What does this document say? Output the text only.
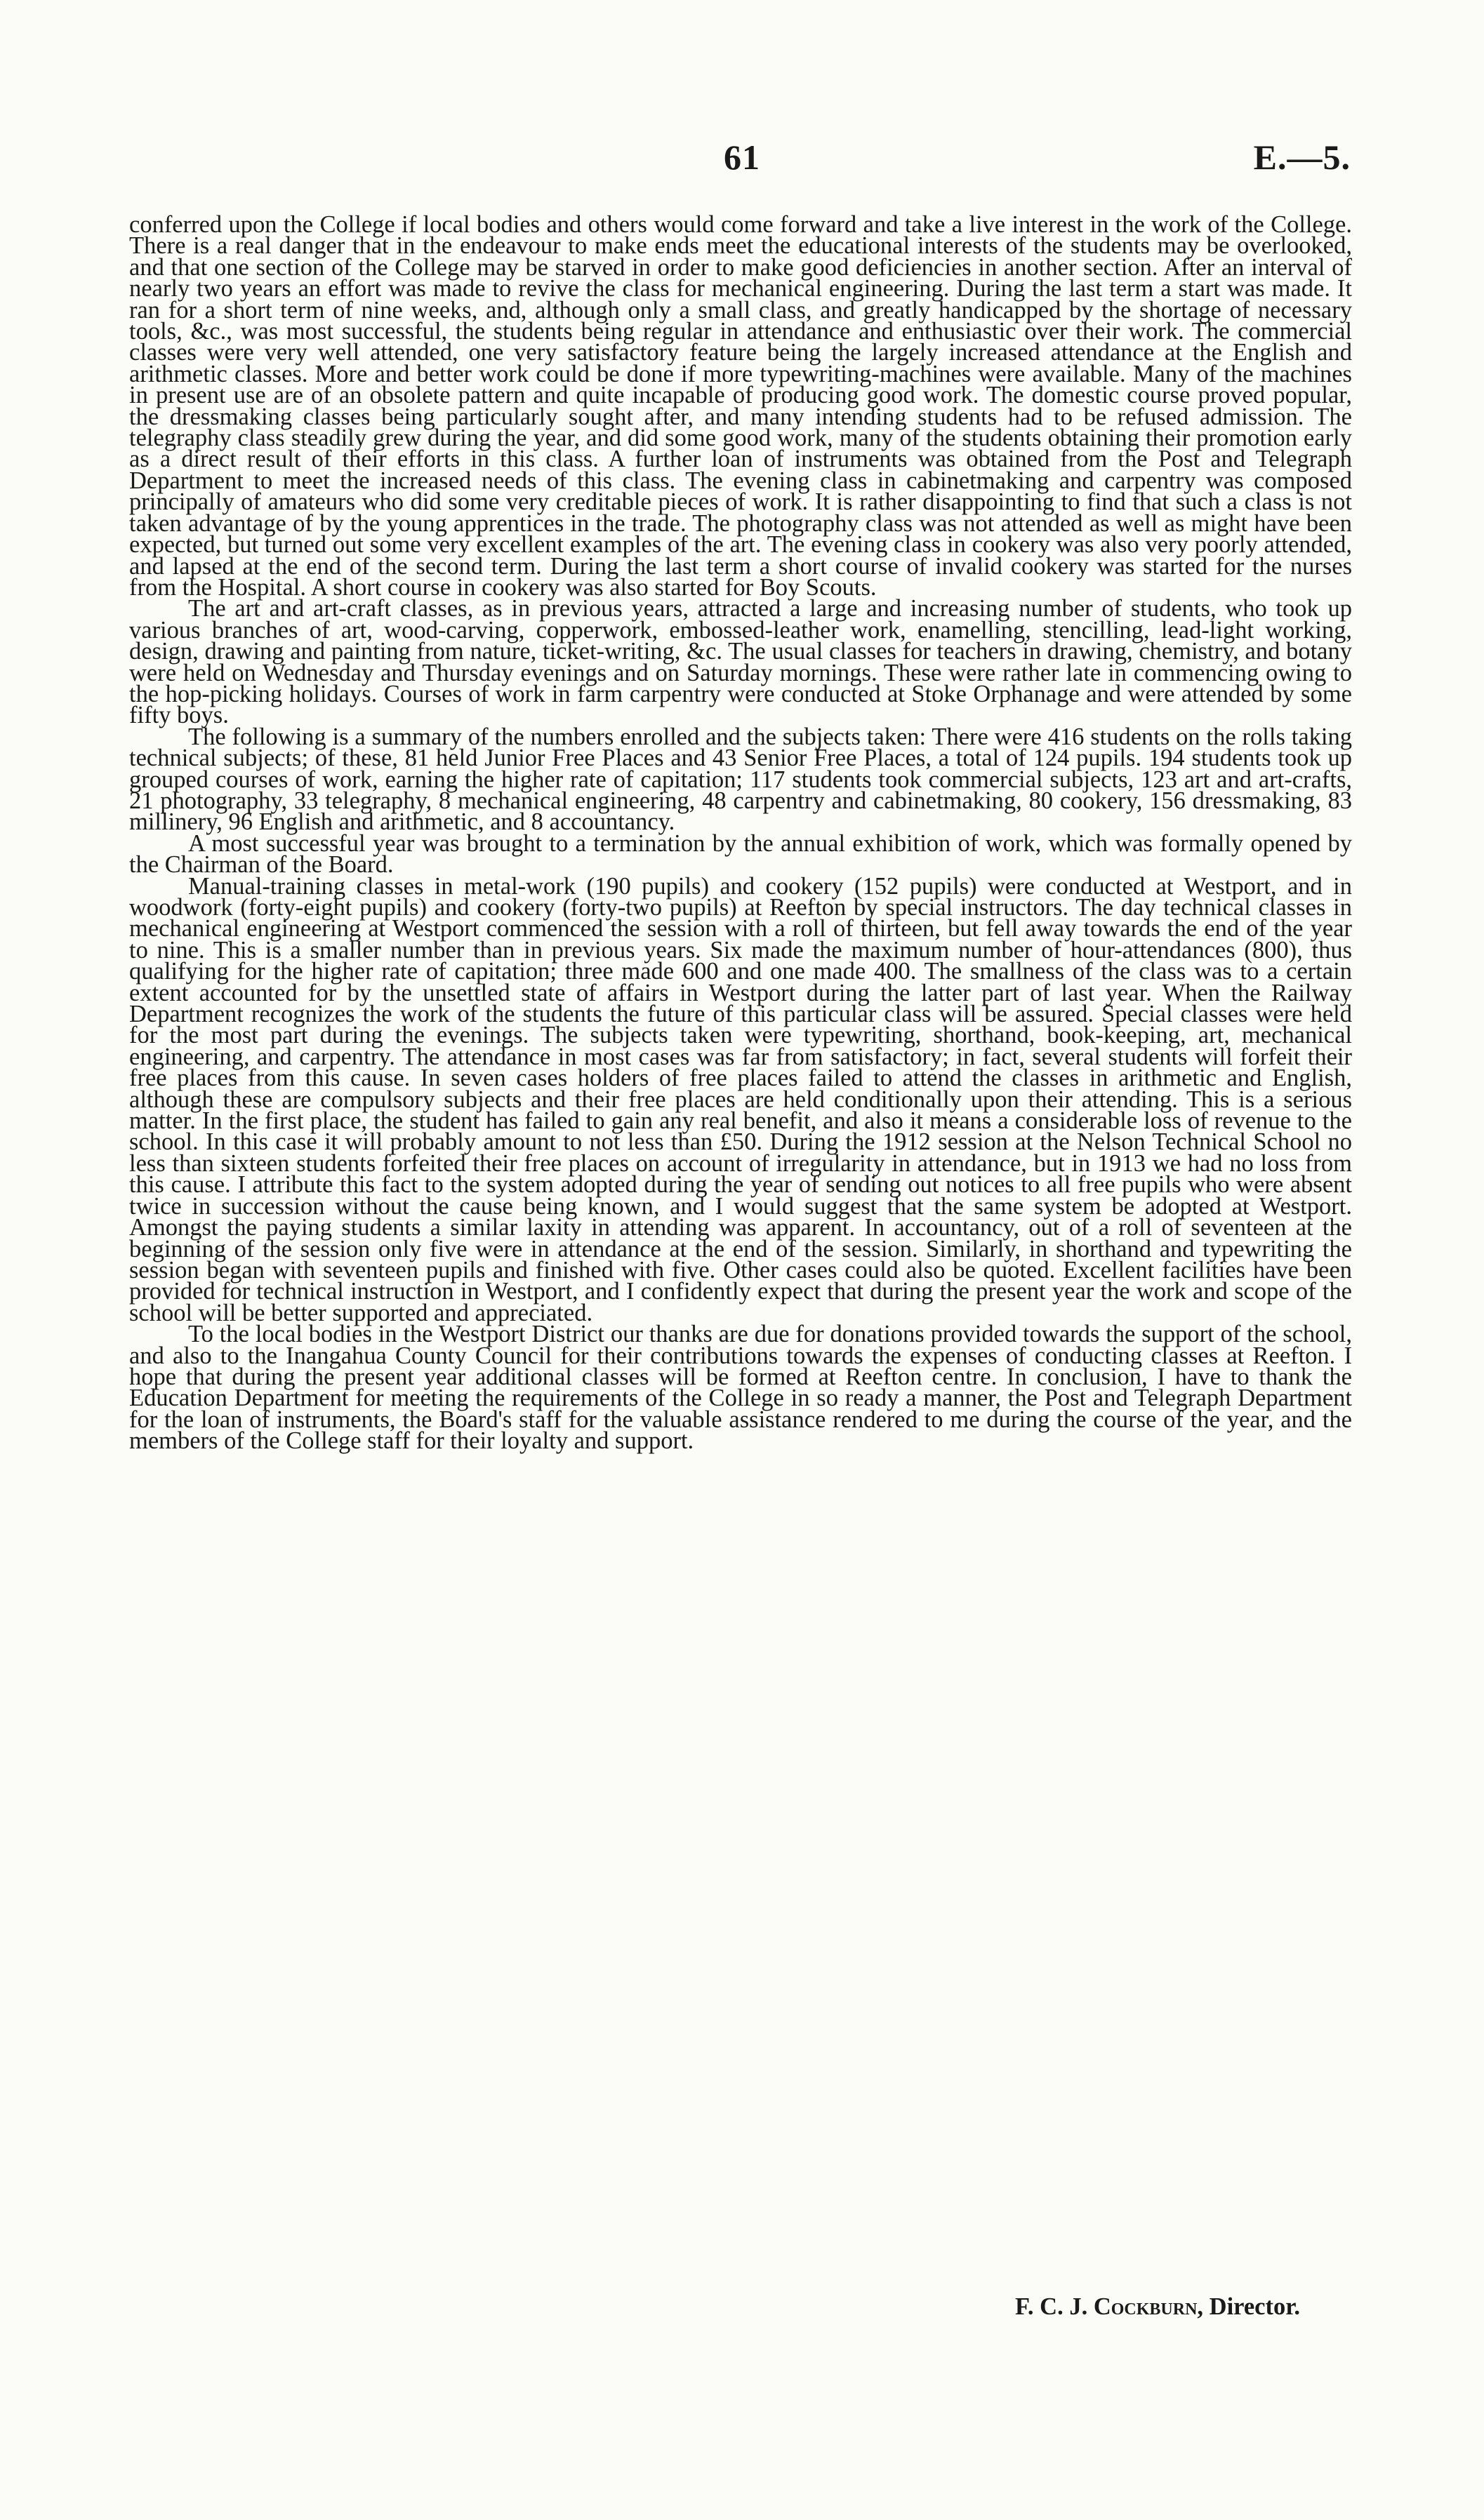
61	E.—5.

conferred upon the College if local bodies and others would come forward and take a live interest in the work of the College. There is a real danger that in the endeavour to make ends meet the educational interests of the students may be overlooked, and that one section of the College may be starved in order to make good deficiencies in another section. After an interval of nearly two years an effort was made to revive the class for mechanical engineering. During the last term a start was made. It ran for a short term of nine weeks, and, although only a small class, and greatly handicapped by the shortage of necessary tools, &c., was most successful, the students being regular in attendance and enthusiastic over their work. The commercial classes were very well attended, one very satisfactory feature being the largely increased attendance at the English and arithmetic classes. More and better work could be done if more typewriting-machines were available. Many of the machines in present use are of an obsolete pattern and quite incapable of producing good work. The domestic course proved popular, the dressmaking classes being particularly sought after, and many intending students had to be refused admission. The telegraphy class steadily grew during the year, and did some good work, many of the students obtaining their promotion early as a direct result of their efforts in this class. A further loan of instruments was obtained from the Post and Telegraph Department to meet the increased needs of this class. The evening class in cabinetmaking and carpentry was composed principally of amateurs who did some very creditable pieces of work. It is rather disappointing to find that such a class is not taken advantage of by the young apprentices in the trade. The photography class was not attended as well as might have been expected, but turned out some very excellent examples of the art. The evening class in cookery was also very poorly attended, and lapsed at the end of the second term. During the last term a short course of invalid cookery was started for the nurses from the Hospital. A short course in cookery was also started for Boy Scouts.

The art and art-craft classes, as in previous years, attracted a large and increasing number of students, who took up various branches of art, wood-carving, copperwork, embossed-leather work, enamelling, stencilling, lead-light working, design, drawing and painting from nature, ticket-writing, &c. The usual classes for teachers in drawing, chemistry, and botany were held on Wednesday and Thursday evenings and on Saturday mornings. These were rather late in commencing owing to the hop-picking holidays. Courses of work in farm carpentry were conducted at Stoke Orphanage and were attended by some fifty boys.

The following is a summary of the numbers enrolled and the subjects taken: There were 416 students on the rolls taking technical subjects; of these, 81 held Junior Free Places and 43 Senior Free Places, a total of 124 pupils. 194 students took up grouped courses of work, earning the higher rate of capitation; 117 students took commercial subjects, 123 art and art-crafts, 21 photography, 33 telegraphy, 8 mechanical engineering, 48 carpentry and cabinetmaking, 80 cookery, 156 dressmaking, 83 millinery, 96 English and arithmetic, and 8 accountancy.

A most successful year was brought to a termination by the annual exhibition of work, which was formally opened by the Chairman of the Board.

Manual-training classes in metal-work (190 pupils) and cookery (152 pupils) were conducted at Westport, and in woodwork (forty-eight pupils) and cookery (forty-two pupils) at Reefton by special instructors. The day technical classes in mechanical engineering at Westport commenced the session with a roll of thirteen, but fell away towards the end of the year to nine. This is a smaller number than in previous years. Six made the maximum number of hour-attendances (800), thus qualifying for the higher rate of capitation; three made 600 and one made 400. The smallness of the class was to a certain extent accounted for by the unsettled state of affairs in Westport during the latter part of last year. When the Railway Department recognizes the work of the students the future of this particular class will be assured. Special classes were held for the most part during the evenings. The subjects taken were typewriting, shorthand, book-keeping, art, mechanical engineering, and carpentry. The attendance in most cases was far from satisfactory; in fact, several students will forfeit their free places from this cause. In seven cases holders of free places failed to attend the classes in arithmetic and English, although these are compulsory subjects and their free places are held conditionally upon their attending. This is a serious matter. In the first place, the student has failed to gain any real benefit, and also it means a considerable loss of revenue to the school. In this case it will probably amount to not less than £50. During the 1912 session at the Nelson Technical School no less than sixteen students forfeited their free places on account of irregularity in attendance, but in 1913 we had no loss from this cause. I attribute this fact to the system adopted during the year of sending out notices to all free pupils who were absent twice in succession without the cause being known, and I would suggest that the same system be adopted at Westport. Amongst the paying students a similar laxity in attending was apparent. In accountancy, out of a roll of seventeen at the beginning of the session only five were in attendance at the end of the session. Similarly, in shorthand and typewriting the session began with seventeen pupils and finished with five. Other cases could also be quoted. Excellent facilities have been provided for technical instruction in Westport, and I confidently expect that during the present year the work and scope of the school will be better supported and appreciated.

To the local bodies in the Westport District our thanks are due for donations provided towards the support of the school, and also to the Inangahua County Council for their contributions towards the expenses of conducting classes at Reefton. I hope that during the present year additional classes will be formed at Reefton centre. In conclusion, I have to thank the Education Department for meeting the requirements of the College in so ready a manner, the Post and Telegraph Department for the loan of instruments, the Board's staff for the valuable assistance rendered to me during the course of the year, and the members of the College staff for their loyalty and support.

F. C. J. Cockburn, Director.
